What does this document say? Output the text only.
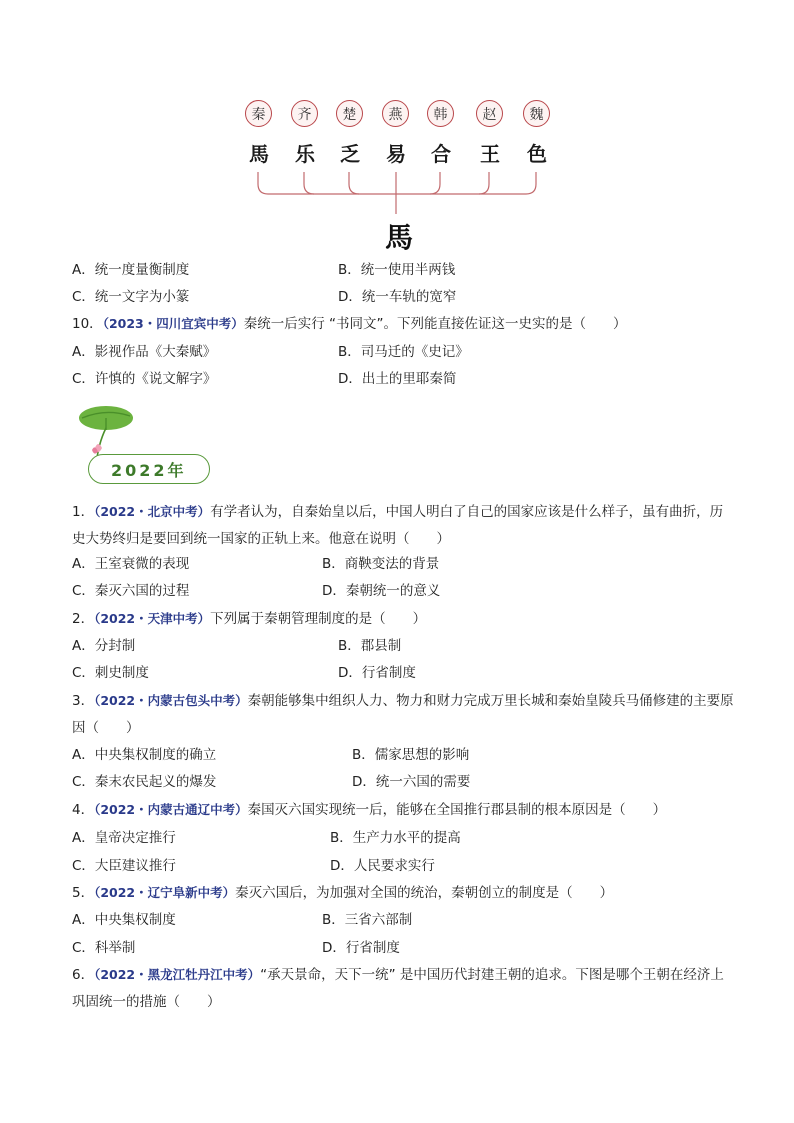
秦	齐	楚	燕	韩	赵	魏
馬 乐 乏 易 合 王 色
馬
A．统一度量衡制度	B．统一使用半两钱
C．统一文字为小篆	D．统一车轨的宽窄
10．（2023・四川宜宾中考）秦统一后实行 “书同文”。下列能直接佐证这一史实的是（　　）
A．影视作品《大秦赋》	B．司马迁的《史记》
C．许慎的《说文解字》	D．出土的里耶秦简
2022年
1．（2022・北京中考）有学者认为，自秦始皇以后，中国人明白了自己的国家应该是什么样子，虽有曲折，历史大势终归是要回到统一国家的正轨上来。他意在说明（　　）
A．王室衰微的表现	B．商鞅变法的背景
C．秦灭六国的过程	D．秦朝统一的意义
2．（2022・天津中考）下列属于秦朝管理制度的是（　　）
A．分封制	B．郡县制
C．刺史制度	D．行省制度
3．（2022・内蒙古包头中考）秦朝能够集中组织人力、物力和财力完成万里长城和秦始皇陵兵马俑修建的主要原因（　　）
A．中央集权制度的确立	B．儒家思想的影响
C．秦末农民起义的爆发	D．统一六国的需要
4．（2022・内蒙古通辽中考）秦国灭六国实现统一后，能够在全国推行郡县制的根本原因是（　　）
A．皇帝决定推行	B．生产力水平的提高
C．大臣建议推行	D．人民要求实行
5．（2022・辽宁阜新中考）秦灭六国后，为加强对全国的统治，秦朝创立的制度是（　　）
A．中央集权制度	B．三省六部制
C．科举制	D．行省制度
6．（2022・黑龙江牡丹江中考）“承天景命，天下一统” 是中国历代封建王朝的追求。下图是哪个王朝在经济上巩固统一的措施（　　）
